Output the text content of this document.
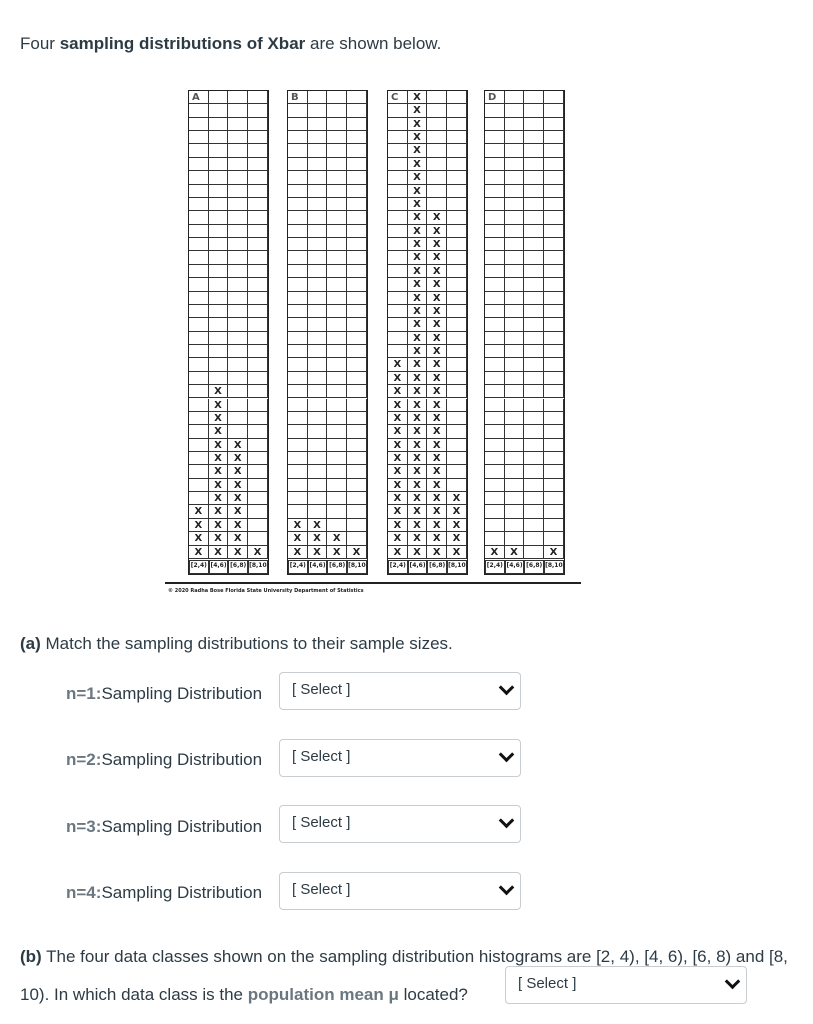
Four sampling distributions of Xbar are shown below.
A
X
X
X
X
X	X
X	X
X	X
X	X
X	X
X	X	X
X	X	X
X	X	X
X	X	X	X
[2,4) [4,6) [6,8) [8,10)
B
X	X
X	X	X
X	X	X	X
[2,4) [4,6) [6,8) [8,10)
C	X
X
X
X
X
X
X
X
X
X	X
X	X
X	X
X	X
X	X
X	X
X	X
X	X
X	X
X	X
X	X
X	X	X
X	X	X
X	X	X
X	X	X
X	X	X
X	X	X
X	X	X
X	X	X
X	X	X
X	X	X
X	X	X	X
X	X	X	X
X	X	X	X
X	X	X	X
X	X	X	X
[2,4) [4,6) [6,8) [8,10)
D
X	X	X
[2,4) [4,6) [6,8) [8,10)
© 2020 Radha Bose Florida State University Department of Statistics
(a) Match the sampling distributions to their sample sizes.
n=1: Sampling Distribution	[ Select ]
n=2: Sampling Distribution	[ Select ]
n=3: Sampling Distribution	[ Select ]
n=4: Sampling Distribution	[ Select ]
(b) The four data classes shown on the sampling distribution histograms are [2, 4), [4, 6), [6, 8) and [8, 10). In which data class is the population mean μ located?
[ Select ]
